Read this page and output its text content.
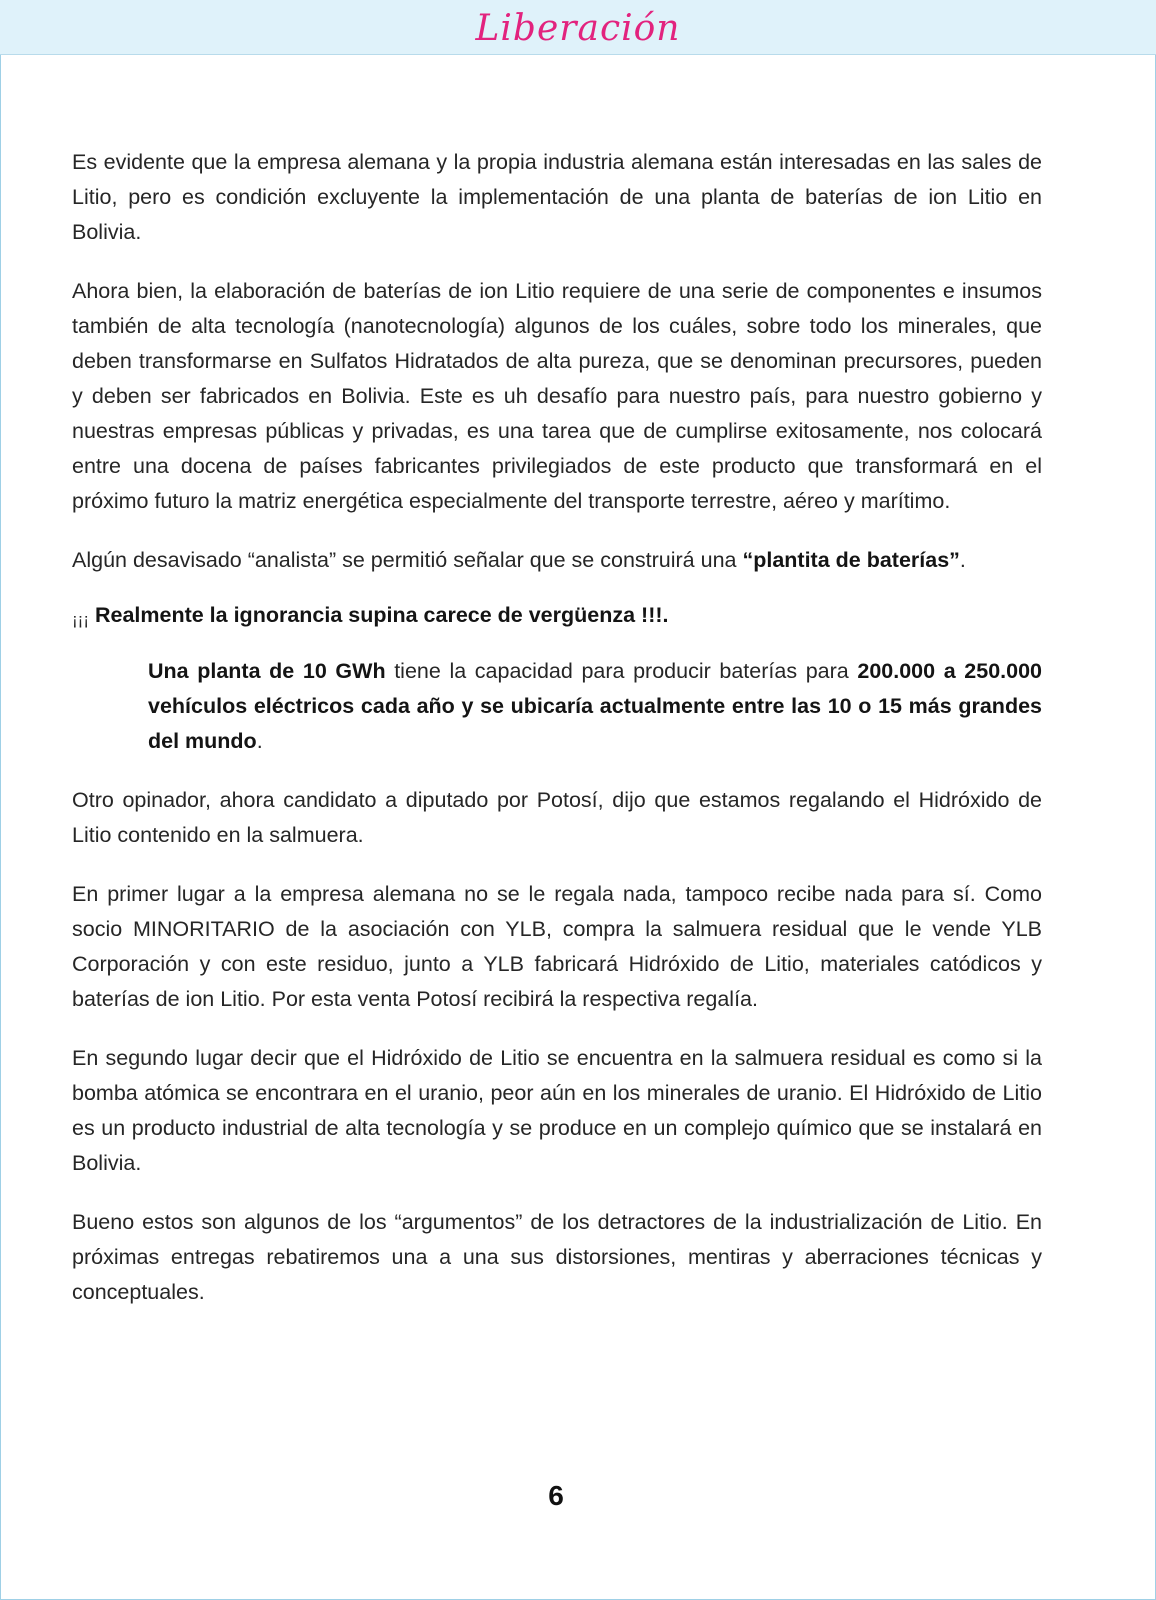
Liberación

Es evidente que la empresa alemana y la propia industria alemana están interesadas en las sales de Litio, pero es condición excluyente la implementación de una planta de baterías de ion Litio en Bolivia.

Ahora bien, la elaboración de baterías de ion Litio requiere de una serie de componentes e insumos también de alta tecnología (nanotecnología) algunos de los cuáles, sobre todo los minerales, que deben transformarse en Sulfatos Hidratados de alta pureza, que se denominan precursores, pueden y deben ser fabricados en Bolivia. Este es uh desafío para nuestro país, para nuestro gobierno y nuestras empresas públicas y privadas, es una tarea que de cumplirse exitosamente, nos colocará entre una docena de países fabricantes privilegiados de este producto que transformará en el próximo futuro la matriz energética especialmente del transporte terrestre, aéreo y marítimo.

Algún desavisado “analista” se permitió señalar que se construirá una “plantita de baterías”.

¡¡¡ Realmente la ignorancia supina carece de vergüenza !!!.

Una planta de 10 GWh tiene la capacidad para producir baterías para 200.000 a 250.000 vehículos eléctricos cada año y se ubicaría actualmente entre las 10 o 15 más grandes del mundo.

Otro opinador, ahora candidato a diputado por Potosí, dijo que estamos regalando el Hidróxido de Litio contenido en la salmuera.

En primer lugar a la empresa alemana no se le regala nada, tampoco recibe nada para sí. Como socio MINORITARIO de la asociación con YLB, compra la salmuera residual que le vende YLB Corporación y con este residuo, junto a YLB fabricará Hidróxido de Litio, materiales catódicos y baterías de ion Litio. Por esta venta Potosí recibirá la respectiva regalía.

En segundo lugar decir que el Hidróxido de Litio se encuentra en la salmuera residual es como si la bomba atómica se encontrara en el uranio, peor aún en los minerales de uranio. El Hidróxido de Litio es un producto industrial de alta tecnología y se produce en un complejo químico que se instalará en Bolivia.

Bueno estos son algunos de los “argumentos” de los detractores de la industrialización de Litio. En próximas entregas rebatiremos una a una sus distorsiones, mentiras y aberraciones técnicas y conceptuales.

6
